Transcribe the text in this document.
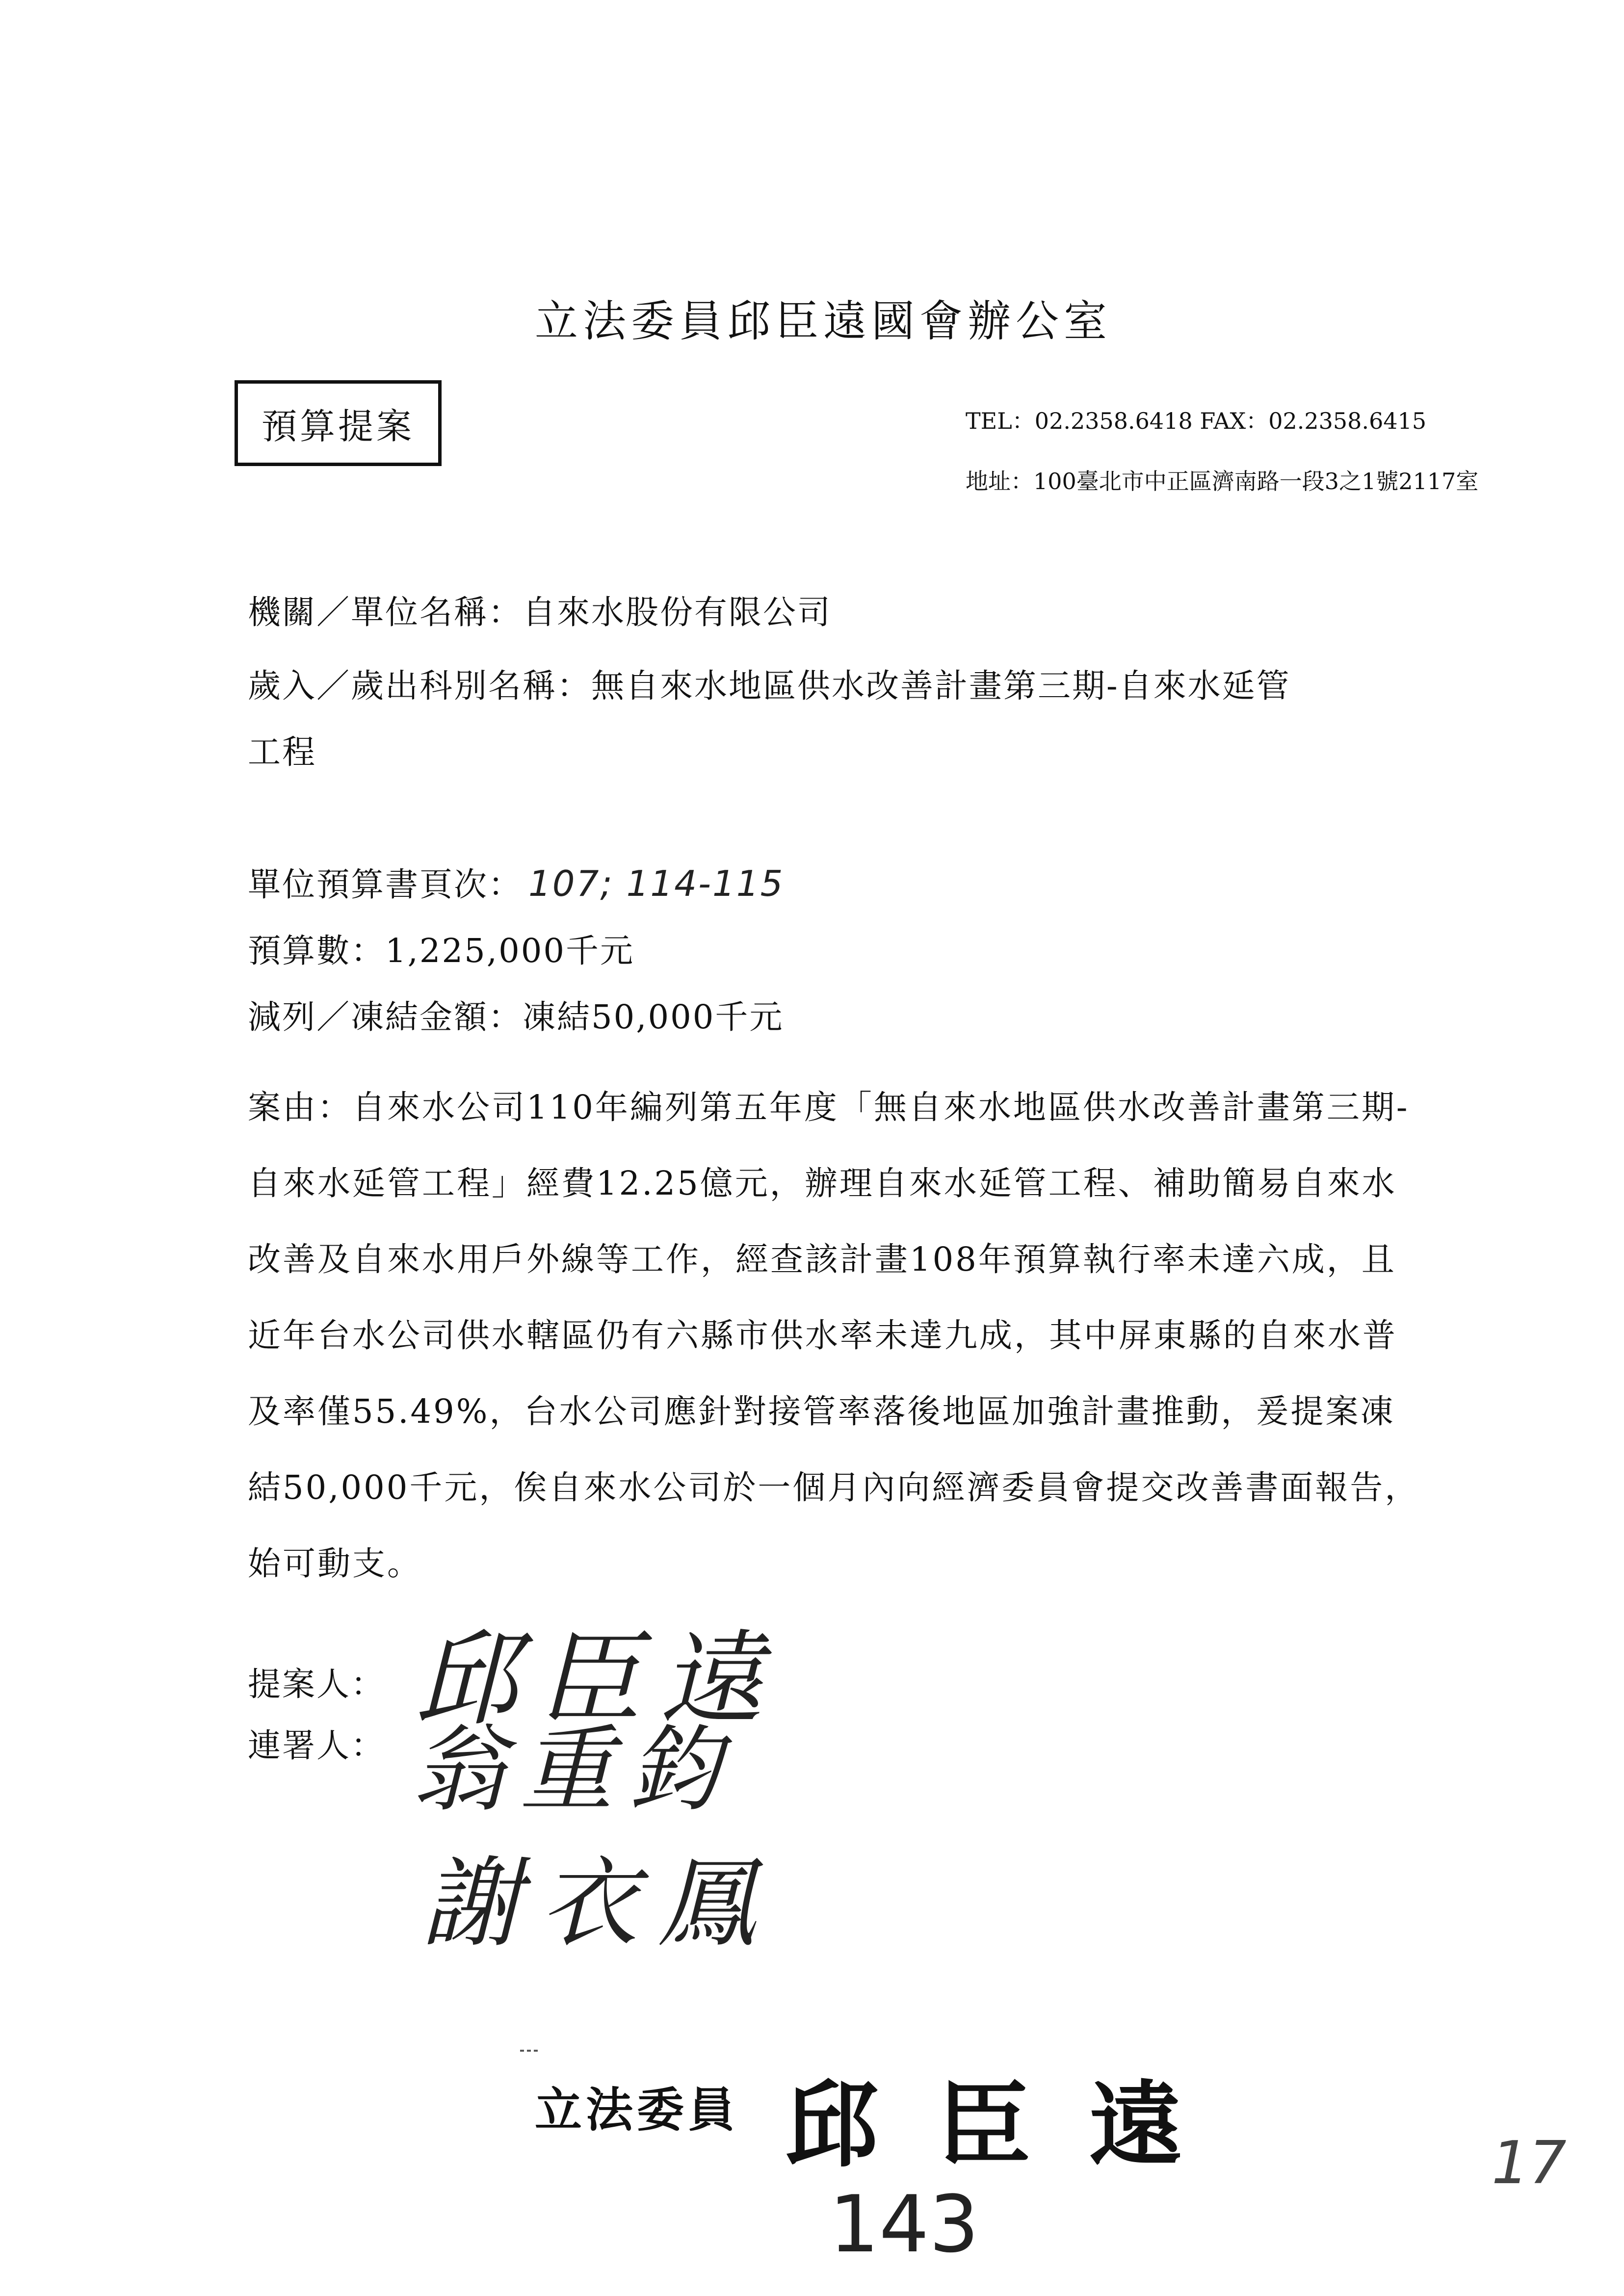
立法委員邱臣遠國會辦公室
預算提案	TEL：02.2358.6418 FAX：02.2358.6415
地址：100臺北市中正區濟南路一段3之1號2117室
機關／單位名稱：自來水股份有限公司
歲入／歲出科別名稱：無自來水地區供水改善計畫第三期-自來水延管
工程
單位預算書頁次： 107; 114-115
預算數：1,225,000千元
減列／凍結金額：凍結50,000千元
案由：自來水公司110年編列第五年度「無自來水地區供水改善計畫第三期-自來水延管工程」經費12.25億元，辦理自來水延管工程、補助簡易自來水改善及自來水用戶外線等工作，經查該計畫108年預算執行率未達六成，且近年台水公司供水轄區仍有六縣市供水率未達九成，其中屏東縣的自來水普及率僅55.49%，台水公司應針對接管率落後地區加強計畫推動，爰提案凍結50,000千元，俟自來水公司於一個月內向經濟委員會提交改善書面報告，始可動支。
提案人：
連署人：
邱臣遠
翁重鈞
謝衣鳳
立法委員 邱臣遠
143
17
